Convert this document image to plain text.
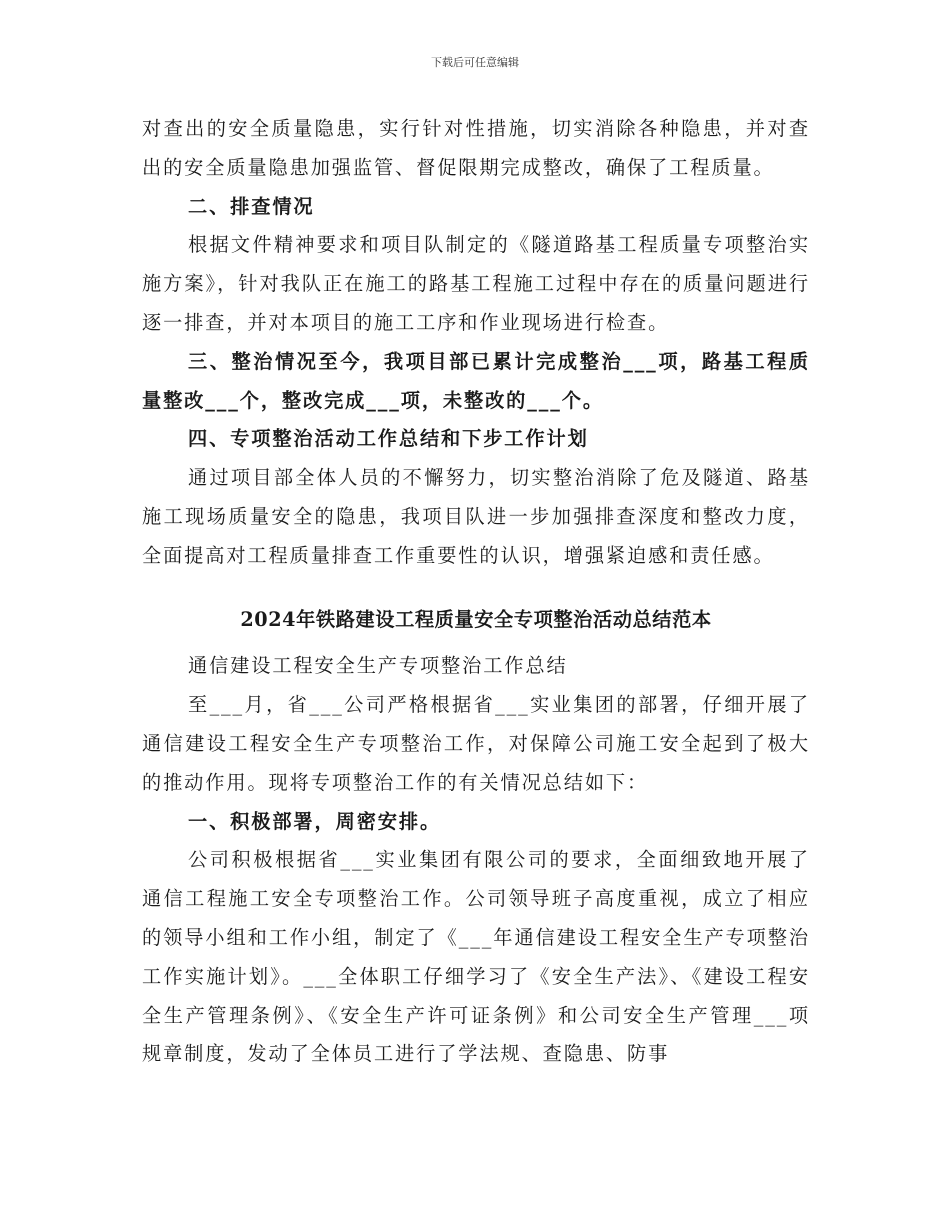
下载后可任意编辑

对查出的安全质量隐患，实行针对性措施，切实消除各种隐患，并对查出的安全质量隐患加强监管、督促限期完成整改，确保了工程质量。

二、排查情况

根据文件精神要求和项目队制定的《隧道路基工程质量专项整治实施方案》，针对我队正在施工的路基工程施工过程中存在的质量问题进行逐一排查，并对本项目的施工工序和作业现场进行检查。

三、整治情况至今，我项目部已累计完成整治___项，路基工程质量整改___个，整改完成___项，未整改的___个。

四、专项整治活动工作总结和下步工作计划

通过项目部全体人员的不懈努力，切实整治消除了危及隧道、路基施工现场质量安全的隐患，我项目队进一步加强排查深度和整改力度，全面提高对工程质量排查工作重要性的认识，增强紧迫感和责任感。

2024年铁路建设工程质量安全专项整治活动总结范本

通信建设工程安全生产专项整治工作总结

至___月，省___公司严格根据省___实业集团的部署，仔细开展了通信建设工程安全生产专项整治工作，对保障公司施工安全起到了极大的推动作用。现将专项整治工作的有关情况总结如下：

一、积极部署，周密安排。

公司积极根据省___实业集团有限公司的要求，全面细致地开展了通信工程施工安全专项整治工作。公司领导班子高度重视，成立了相应的领导小组和工作小组，制定了《___年通信建设工程安全生产专项整治工作实施计划》。___全体职工仔细学习了《安全生产法》、《建设工程安全生产管理条例》、《安全生产许可证条例》和公司安全生产管理___项规章制度，发动了全体员工进行了学法规、查隐患、防事
